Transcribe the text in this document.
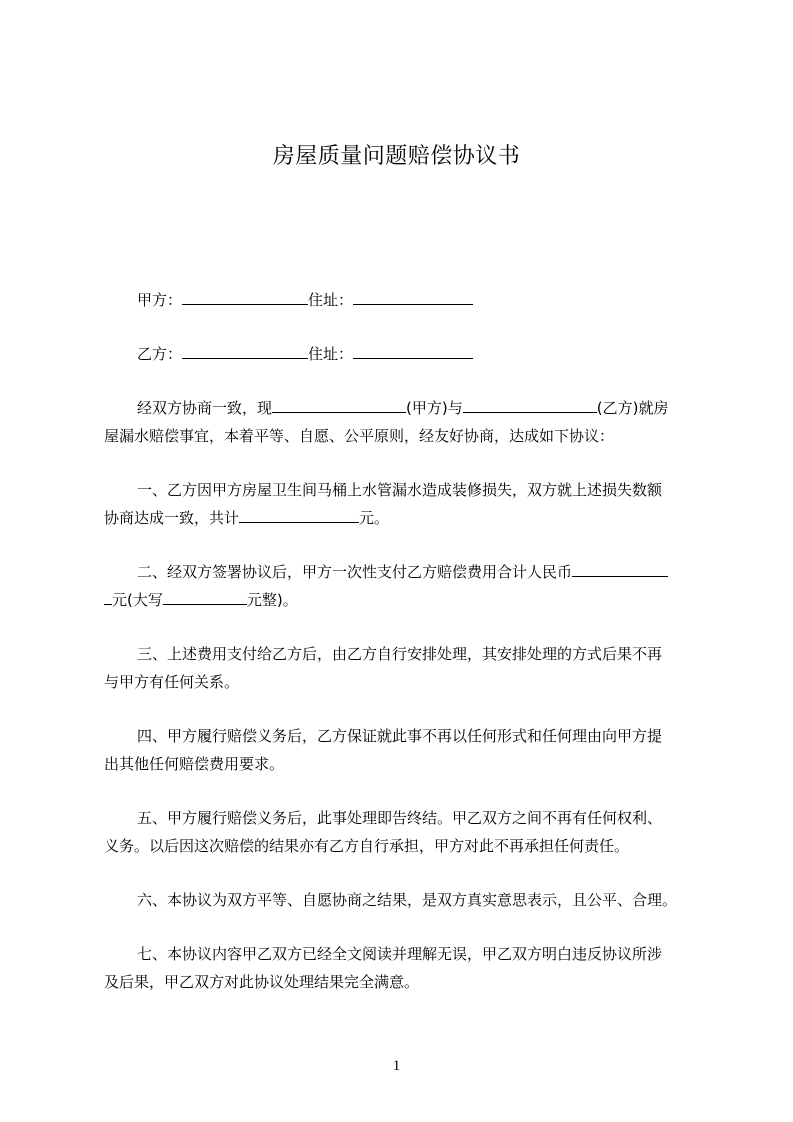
房屋质量问题赔偿协议书
甲方：	住址：
乙方：	住址：
经双方协商一致，现	(甲方)与	(乙方)就房
屋漏水赔偿事宜，本着平等、自愿、公平原则，经友好协商，达成如下协议：
一、乙方因甲方房屋卫生间马桶上水管漏水造成装修损失，双方就上述损失数额
协商达成一致，共计	元。
二、经双方签署协议后，甲方一次性支付乙方赔偿费用合计人民币
元(大写	元整)。
三、上述费用支付给乙方后，由乙方自行安排处理，其安排处理的方式后果不再
与甲方有任何关系。
四、甲方履行赔偿义务后，乙方保证就此事不再以任何形式和任何理由向甲方提
出其他任何赔偿费用要求。
五、甲方履行赔偿义务后，此事处理即告终结。甲乙双方之间不再有任何权利、
义务。以后因这次赔偿的结果亦有乙方自行承担，甲方对此不再承担任何责任。
六、本协议为双方平等、自愿协商之结果，是双方真实意思表示，且公平、合理。
七、本协议内容甲乙双方已经全文阅读并理解无误，甲乙双方明白违反协议所涉
及后果，甲乙双方对此协议处理结果完全满意。
1
